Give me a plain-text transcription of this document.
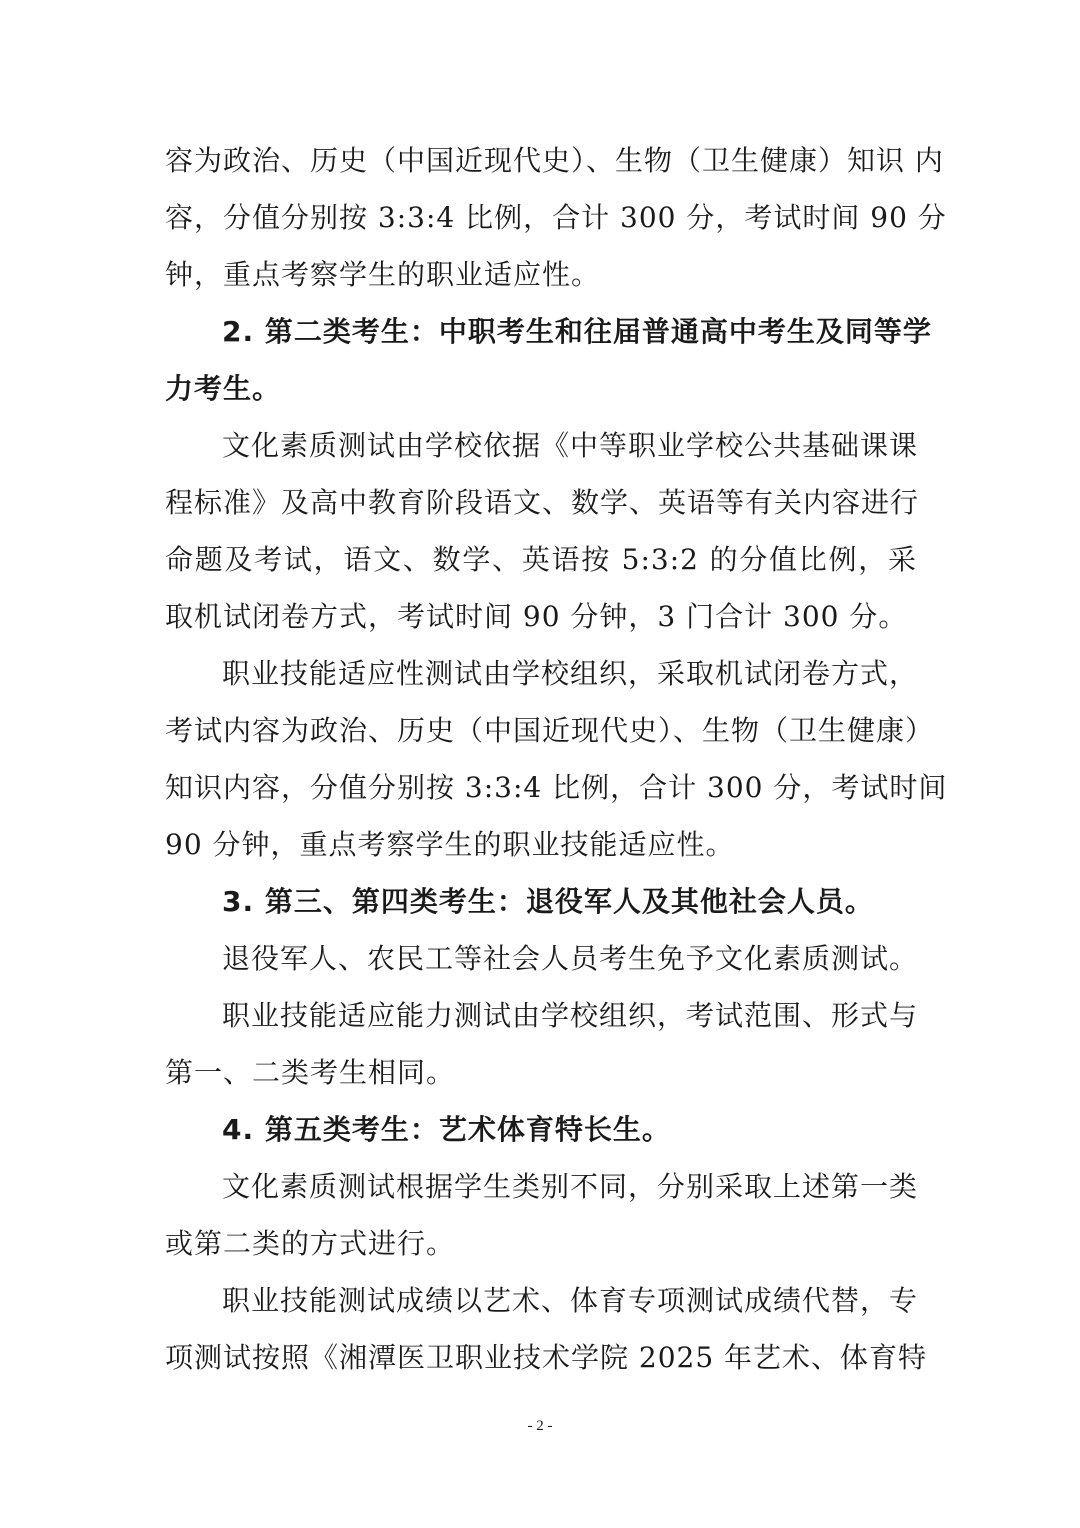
容为政治、历史（中国近现代史）、生物（卫生健康）知识 内
容，分值分别按 3:3:4 比例，合计 300 分，考试时间 90 分
钟，重点考察学生的职业适应性。
2. 第二类考生：中职考生和往届普通高中考生及同等学
力考生。
文化素质测试由学校依据《中等职业学校公共基础课课
程标准》及高中教育阶段语文、数学、英语等有关内容进行
命题及考试，语文、数学、英语按 5:3:2 的分值比例，采
取机试闭卷方式，考试时间 90 分钟，3 门合计 300 分。
职业技能适应性测试由学校组织，采取机试闭卷方式，
考试内容为政治、历史（中国近现代史）、生物（卫生健康）
知识内容，分值分别按 3:3:4 比例，合计 300 分，考试时间
90 分钟，重点考察学生的职业技能适应性。
3. 第三、第四类考生：退役军人及其他社会人员。
退役军人、农民工等社会人员考生免予文化素质测试。
职业技能适应能力测试由学校组织，考试范围、形式与
第一、二类考生相同。
4. 第五类考生：艺术体育特长生。
文化素质测试根据学生类别不同，分别采取上述第一类
或第二类的方式进行。
职业技能测试成绩以艺术、体育专项测试成绩代替，专
项测试按照《湘潭医卫职业技术学院 2025 年艺术、体育特
- 2 -
